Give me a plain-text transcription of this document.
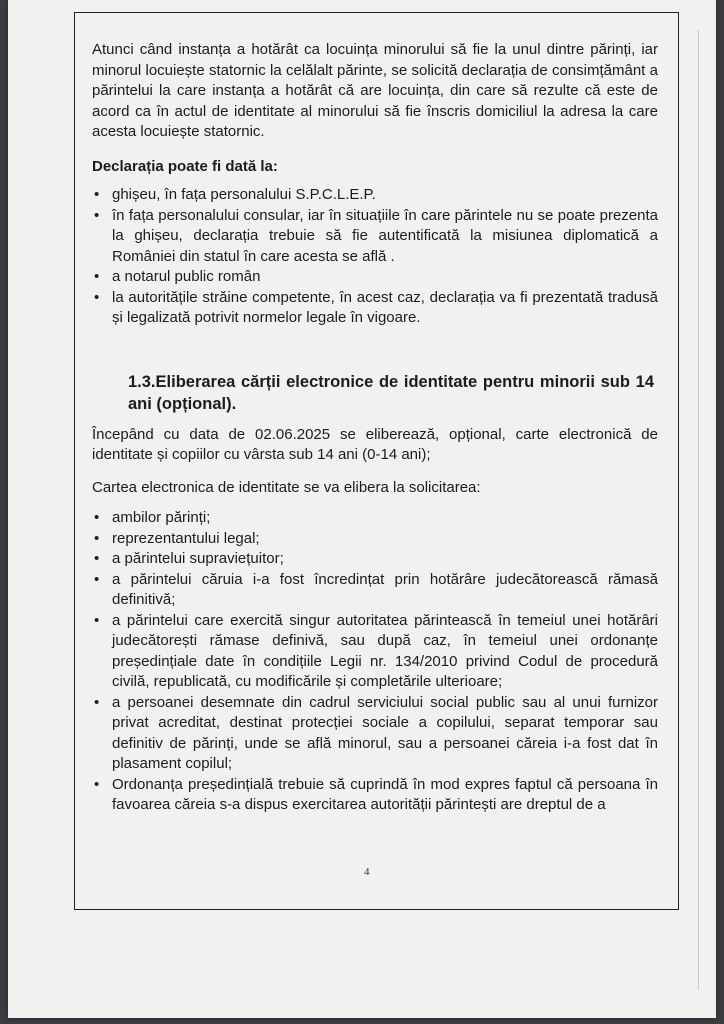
Atunci când instanța a hotărât ca locuința minorului să fie la unul dintre părinți, iar minorul locuiește statornic la celălalt părinte, se solicită declarația de consimțământ a părintelui la care instanța a hotărât că are locuința, din care să rezulte că este de acord ca în actul de identitate al minorului să fie înscris domiciliul la adresa la care acesta locuiește statornic.

Declarația poate fi dată la:

• ghișeu, în fața personalului S.P.C.L.E.P.
• în fața personalului consular, iar în situațiile în care părintele nu se poate prezenta la ghișeu, declarația trebuie să fie autentificată la misiunea diplomatică a României din statul în care acesta se află .
• a notarul public român
• la autoritățile străine competente, în acest caz, declarația va fi prezentată tradusă și legalizată potrivit normelor legale în vigoare.

1.3.Eliberarea cărții electronice de identitate pentru minorii sub 14 ani (opțional).

Începând cu data de 02.06.2025 se eliberează, opțional, carte electronică de identitate și copiilor cu vârsta sub 14 ani (0-14 ani);

Cartea electronica de identitate se va elibera la solicitarea:

• ambilor părinți;
• reprezentantului legal;
• a părintelui supraviețuitor;
• a părintelui căruia i-a fost încredințat prin hotărâre judecătorească rămasă definitivă;
• a părintelui care exercită singur autoritatea părintească în temeiul unei hotărâri judecătorești rămase definivă, sau după caz, în temeiul unei ordonanțe președințiale date în condițiile Legii nr. 134/2010 privind Codul de procedură civilă, republicată, cu modificările și completările ulterioare;
• a persoanei desemnate din cadrul serviciului social public sau al unui furnizor privat acreditat, destinat protecției sociale a copilului, separat temporar sau definitiv de părinți, unde se află minorul, sau a persoanei căreia i-a fost dat în plasament copilul;
• Ordonanța președințială trebuie să cuprindă în mod expres faptul că persoana în favoarea căreia s-a dispus exercitarea autorității părintești are dreptul de a
4
